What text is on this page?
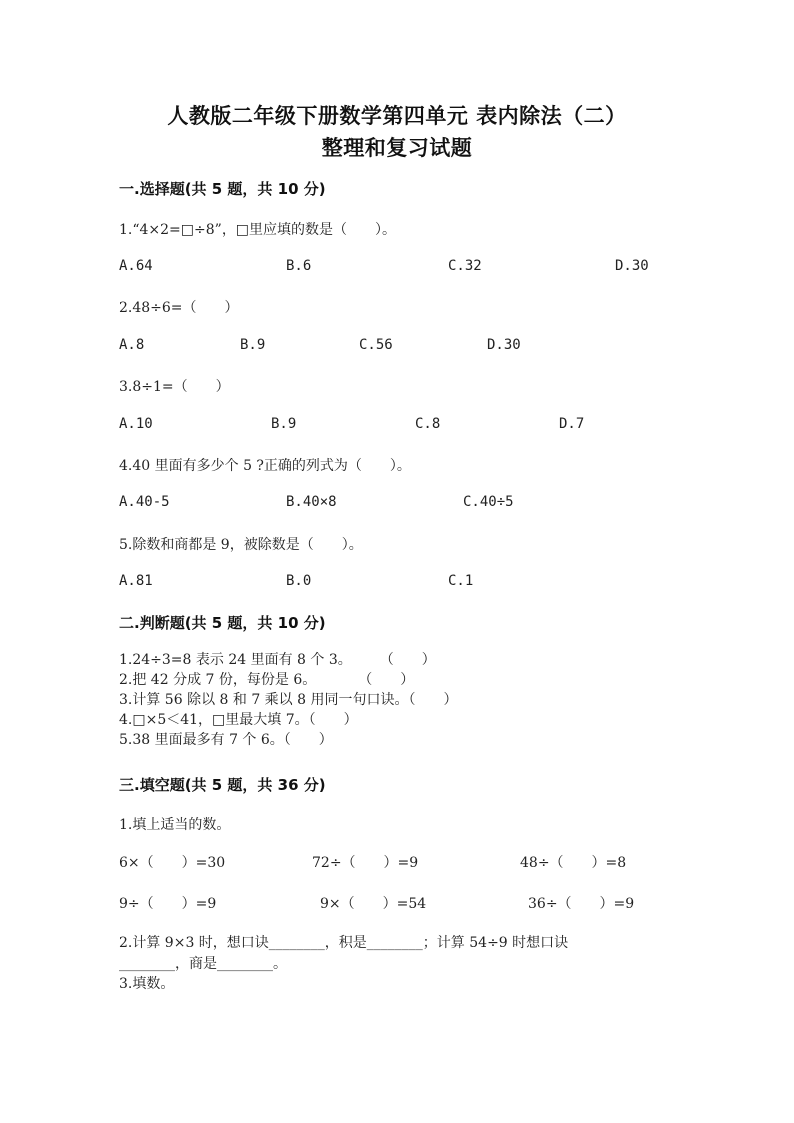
人教版二年级下册数学第四单元 表内除法（二）
整理和复习试题
一.选择题(共 5 题，共 10 分)
1.“4×2=□÷8”，□里应填的数是（　　）。
A.64	B.6	C.32	D.30
2.48÷6=（　　）
A.8	B.9	C.56	D.30
3.8÷1=（　　）
A.10	B.9	C.8	D.7
4.40 里面有多少个 5 ?正确的列式为（　　）。
A.40-5	B.40×8	C.40÷5
5.除数和商都是 9，被除数是（　　）。
A.81	B.0	C.1
二.判断题(共 5 题，共 10 分)
1.24÷3=8 表示 24 里面有 8 个 3。　　　（　　）
2.把 42 分成 7 份，每份是 6。　　　　（　　）
3.计算 56 除以 8 和 7 乘以 8 用同一句口诀。（　　）
4.□×5＜41，□里最大填 7。（　　）
5.38 里面最多有 7 个 6。（　　）
三.填空题(共 5 题，共 36 分)
1.填上适当的数。
6×（　　）=30	72÷（　　）=9	48÷（　　）=8
9÷（　　）=9	9×（　　）=54	36÷（　　）=9
2.计算 9×3 时，想口诀________，积是________；计算 54÷9 时想口诀
________，商是________。
3.填数。
